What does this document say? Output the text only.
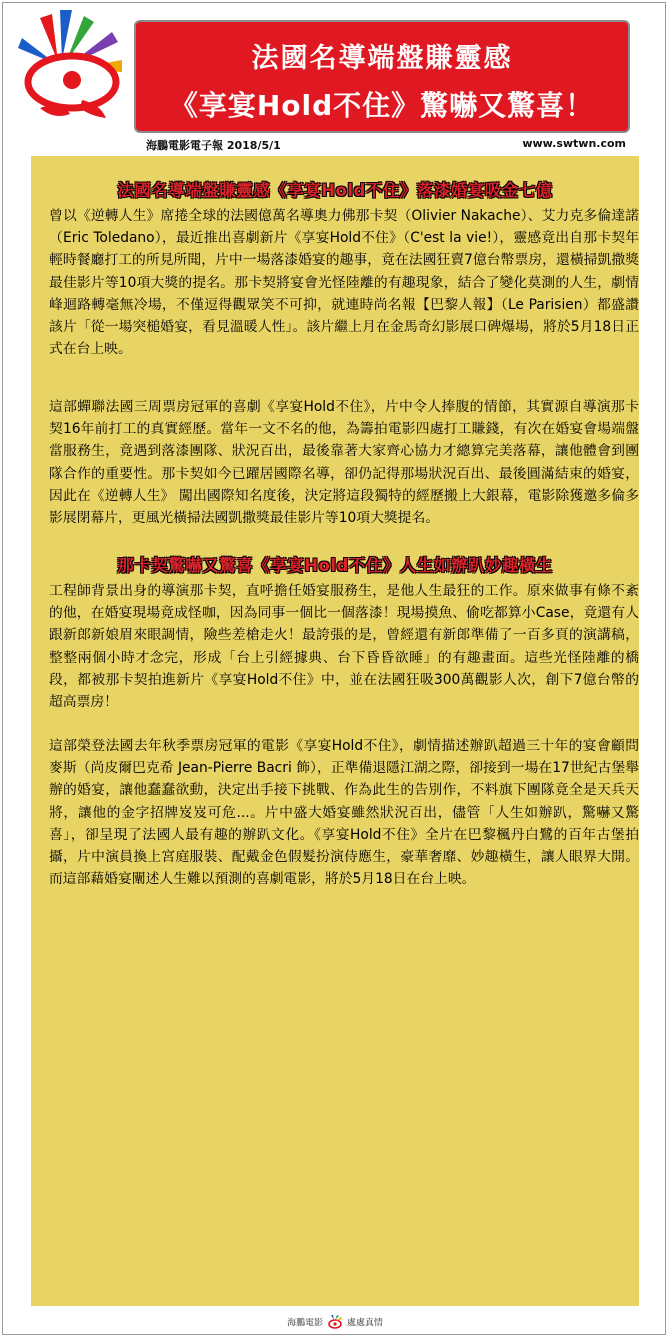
法國名導端盤賺靈感
《享宴Hold不住》驚嚇又驚喜！
海鵬電影電子報 2018/5/1	www.swtwn.com
法國名導端盤賺靈感《享宴Hold不住》落漆婚宴吸金七億
曾以《逆轉人生》席捲全球的法國億萬名導奧力佛那卡契（Olivier Nakache）、艾力克多倫達諾（Eric Toledano），最近推出喜劇新片《享宴Hold不住》（C'est la vie!），靈感竟出自那卡契年輕時餐廳打工的所見所聞，片中一場落漆婚宴的趣事，竟在法國狂賣7億台幣票房，還橫掃凱撒獎最佳影片等10項大獎的提名。那卡契將宴會光怪陸離的有趣現象，結合了變化莫測的人生，劇情峰迴路轉毫無冷場，不僅逗得觀眾笑不可抑，就連時尚名報【巴黎人報】（Le Parisien）都盛讚該片「從一場突槌婚宴，看見溫暖人性」。該片繼上月在金馬奇幻影展口碑爆場，將於5月18日正式在台上映。
這部蟬聯法國三周票房冠軍的喜劇《享宴Hold不住》，片中令人捧腹的情節，其實源自導演那卡契16年前打工的真實經歷。當年一文不名的他，為籌拍電影四處打工賺錢，有次在婚宴會場端盤當服務生，竟遇到落漆團隊、狀況百出，最後靠著大家齊心協力才總算完美落幕，讓他體會到團隊合作的重要性。那卡契如今已躍居國際名導，卻仍記得那場狀況百出、最後圓滿結束的婚宴，因此在《逆轉人生》 闖出國際知名度後，決定將這段獨特的經歷搬上大銀幕，電影除獲邀多倫多影展閉幕片，更風光橫掃法國凱撒獎最佳影片等10項大獎提名。
那卡契驚嚇又驚喜《享宴Hold不住》人生如辦趴妙趣橫生
工程師背景出身的導演那卡契，直呼擔任婚宴服務生，是他人生最狂的工作。原來做事有條不紊的他，在婚宴現場竟成怪咖，因為同事一個比一個落漆！現場摸魚、偷吃都算小Case，竟還有人跟新郎新娘眉來眼調情，險些差槍走火！最誇張的是，曾經還有新郎準備了一百多頁的演講稿，整整兩個小時才念完，形成「台上引經據典、台下昏昏欲睡」的有趣畫面。這些光怪陸離的橋段，都被那卡契拍進新片《享宴Hold不住》中，並在法國狂吸300萬觀影人次，創下7億台幣的超高票房！
這部榮登法國去年秋季票房冠軍的電影《享宴Hold不住》，劇情描述辦趴超過三十年的宴會顧問麥斯（尚皮爾巴克希 Jean-Pierre Bacri 飾），正準備退隱江湖之際，卻接到一場在17世紀古堡舉辦的婚宴，讓他蠢蠢欲動，決定出手接下挑戰、作為此生的告別作，不料旗下團隊竟全是天兵天將，讓他的金字招牌岌岌可危...。片中盛大婚宴雖然狀況百出，儘管「人生如辦趴，驚嚇又驚喜」，卻呈現了法國人最有趣的辦趴文化。《享宴Hold不住》全片在巴黎楓丹白鷺的百年古堡拍攝，片中演員換上宮庭服裝、配戴金色假髮扮演侍應生，豪華奢靡、妙趣橫生，讓人眼界大開。而這部藉婚宴闡述人生難以預測的喜劇電影，將於5月18日在台上映。
海鵬電影	處處真情
